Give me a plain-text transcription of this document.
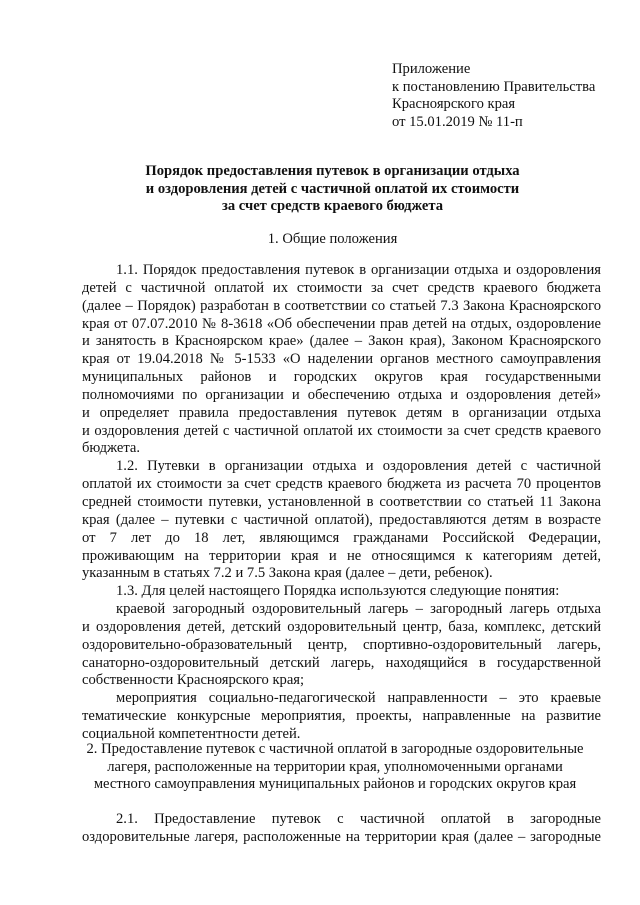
Приложение
к постановлению Правительства
Красноярского края
от 15.01.2019 № 11-п
Порядок предоставления путевок в организации отдыха
и оздоровления детей с частичной оплатой их стоимости
за счет средств краевого бюджета
1. Общие положения

1.1. Порядок предоставления путевок в организации отдыха и оздоровления
детей с частичной оплатой их стоимости за счет средств краевого бюджета
(далее – Порядок) разработан в соответствии со статьей 7.3 Закона Красноярского
края от 07.07.2010 № 8-3618 «Об обеспечении прав детей на отдых, оздоровление
и занятость в Красноярском крае» (далее – Закон края), Законом Красноярского
края от 19.04.2018 № 5-1533 «О наделении органов местного самоуправления
муниципальных районов и городских округов края государственными
полномочиями по организации и обеспечению отдыха и оздоровления детей»
и определяет правила предоставления путевок детям в организации отдыха
и оздоровления детей с частичной оплатой их стоимости за счет средств краевого
бюджета.

1.2. Путевки в организации отдыха и оздоровления детей с частичной
оплатой их стоимости за счет средств краевого бюджета из расчета 70 процентов
средней стоимости путевки, установленной в соответствии со статьей 11 Закона
края (далее – путевки с частичной оплатой), предоставляются детям в возрасте
от 7 лет до 18 лет, являющимся гражданами Российской Федерации,
проживающим на территории края и не относящимся к категориям детей,
указанным в статьях 7.2 и 7.5 Закона края (далее – дети, ребенок).

1.3. Для целей настоящего Порядка используются следующие понятия:

краевой загородный оздоровительный лагерь – загородный лагерь отдыха
и оздоровления детей, детский оздоровительный центр, база, комплекс, детский
оздоровительно-образовательный центр, спортивно-оздоровительный лагерь,
санаторно-оздоровительный детский лагерь, находящийся в государственной
собственности Красноярского края;

мероприятия социально-педагогической направленности – это краевые
тематические конкурсные мероприятия, проекты, направленные на развитие
социальной компетентности детей.

2. Предоставление путевок с частичной оплатой в загородные оздоровительные
лагеря, расположенные на территории края, уполномоченными органами
местного самоуправления муниципальных районов и городских округов края

2.1. Предоставление путевок с частичной оплатой в загородные
оздоровительные лагеря, расположенные на территории края (далее – загородные
